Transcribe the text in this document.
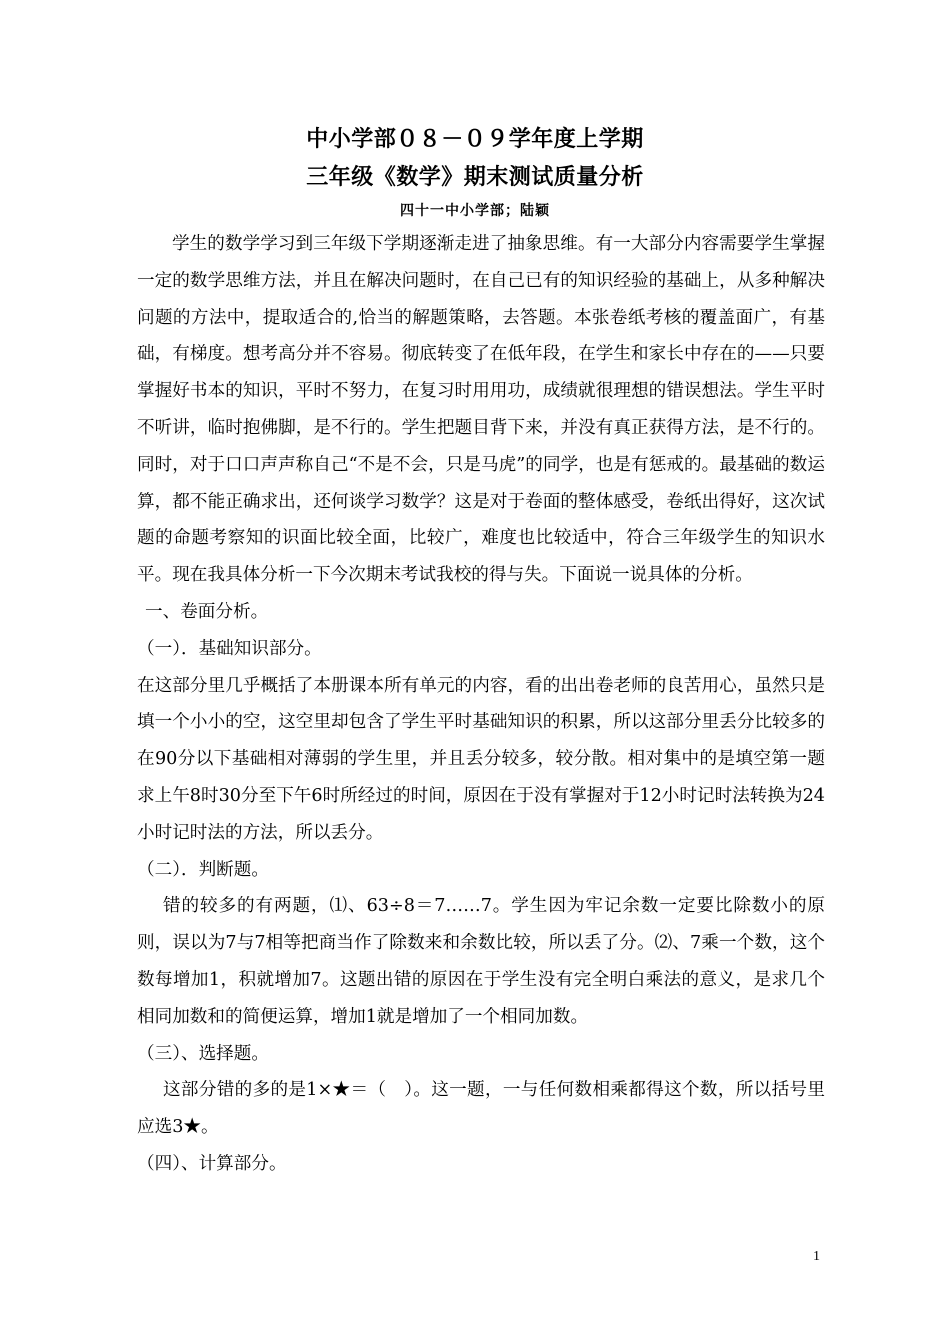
中小学部０８－０９学年度上学期
三年级《数学》期末测试质量分析
四十一中小学部；陆颖

学生的数学学习到三年级下学期逐渐走进了抽象思维。有一大部分内容需要学生掌握一定的数学思维方法，并且在解决问题时，在自己已有的知识经验的基础上，从多种解决问题的方法中，提取适合的,恰当的解题策略，去答题。本张卷纸考核的覆盖面广，有基础，有梯度。想考高分并不容易。彻底转变了在低年段，在学生和家长中存在的——只要掌握好书本的知识，平时不努力，在复习时用用功，成绩就很理想的错误想法。学生平时不听讲，临时抱佛脚，是不行的。学生把题目背下来，并没有真正获得方法，是不行的。同时，对于口口声声称自己“不是不会，只是马虎”的同学，也是有惩戒的。最基础的数运算，都不能正确求出，还何谈学习数学？这是对于卷面的整体感受，卷纸出得好，这次试题的命题考察知的识面比较全面，比较广，难度也比较适中，符合三年级学生的知识水平。现在我具体分析一下今次期末考试我校的得与失。下面说一说具体的分析。

一、卷面分析。

（一）．基础知识部分。

在这部分里几乎概括了本册课本所有单元的内容，看的出出卷老师的良苦用心，虽然只是填一个小小的空，这空里却包含了学生平时基础知识的积累，所以这部分里丢分比较多的在90分以下基础相对薄弱的学生里，并且丢分较多，较分散。相对集中的是填空第一题求上午8时30分至下午6时所经过的时间，原因在于没有掌握对于12小时记时法转换为24小时记时法的方法，所以丢分。

（二）．判断题。

错的较多的有两题，⑴、63÷8＝7……7。学生因为牢记余数一定要比除数小的原则，误以为7与7相等把商当作了除数来和余数比较，所以丢了分。⑵、7乘一个数，这个数每增加1，积就增加7。这题出错的原因在于学生没有完全明白乘法的意义，是求几个相同加数和的简便运算，增加1就是增加了一个相同加数。

（三）、选择题。

这部分错的多的是1×★＝（　）。这一题，一与任何数相乘都得这个数，所以括号里应选3★。

（四）、计算部分。

1
